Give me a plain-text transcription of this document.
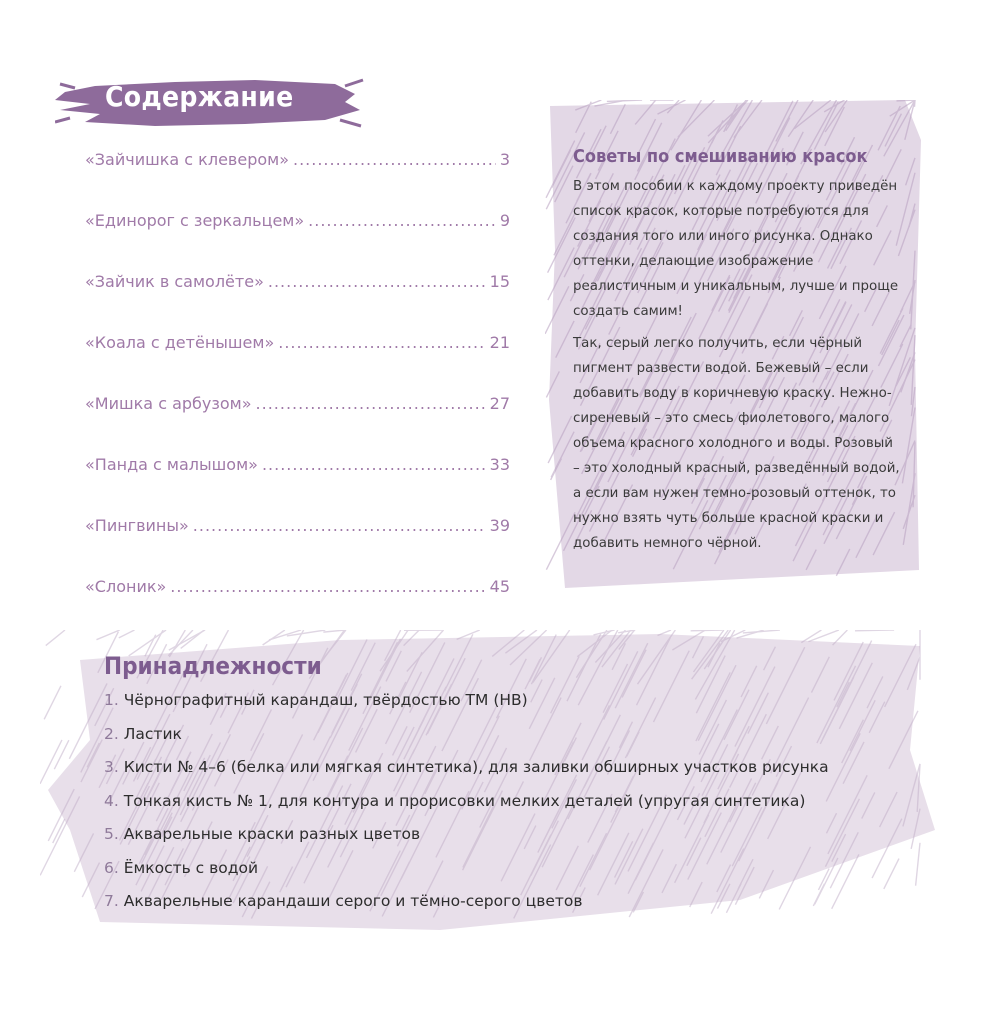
Содержание
«Зайчишка с клевером» .....	3
«Единорог с зеркальцем» .....	9
«Зайчик в самолёте» .....	15
«Коала с детёнышем» .....	21
«Мишка с арбузом» .....	27
«Панда с малышом» .....	33
«Пингвины» .....	39
«Слоник» .....	45
Советы по смешиванию красок

В этом пособии к каждому проекту приведён список красок, которые потребуются для создания того или иного рисунка. Однако оттенки, делающие изображение реалистичным и уникальным, лучше и проще создать самим!

Так, серый легко получить, если чёрный пигмент развести водой. Бежевый – если добавить воду в коричневую краску. Нежно-сиреневый – это смесь фиолетового, малого объема красного холодного и воды. Розовый – это холодный красный, разведённый водой, а если вам нужен темно-розовый оттенок, то нужно взять чуть больше красной краски и добавить немного чёрной.

Принадлежности
1. Чёрнографитный карандаш, твёрдостью ТМ (HB)
2. Ластик
3. Кисти № 4–6 (белка или мягкая синтетика), для заливки обширных участков рисунка
4. Тонкая кисть № 1, для контура и прорисовки мелких деталей (упругая синтетика)
5. Акварельные краски разных цветов
6. Ёмкость с водой
7. Акварельные карандаши серого и тёмно-серого цветов
